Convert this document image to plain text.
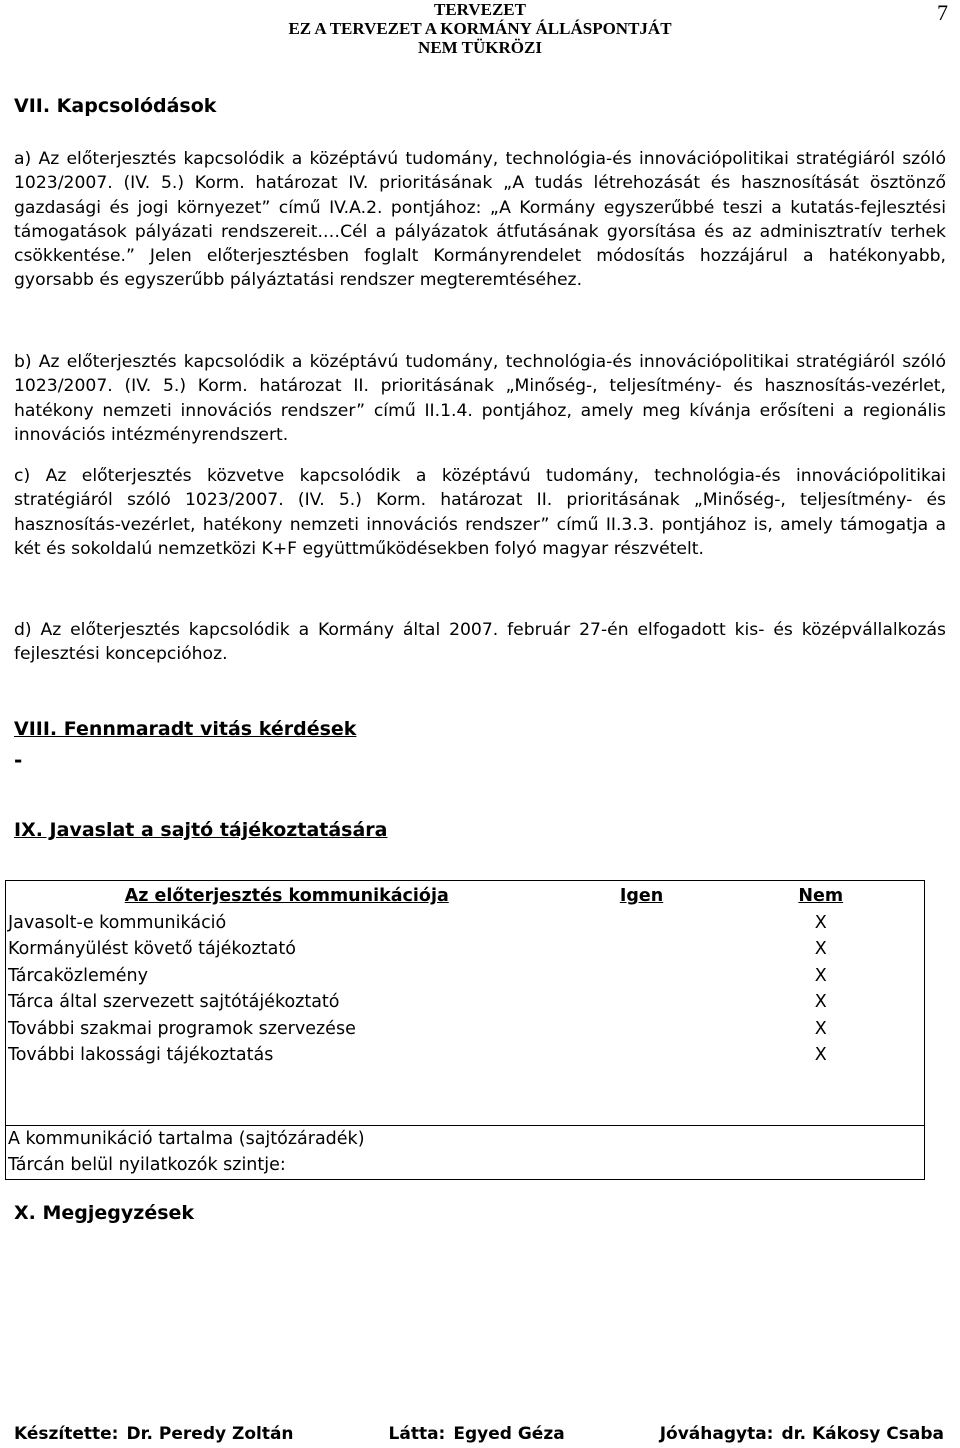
TERVEZET
EZ A TERVEZET A KORMÁNY ÁLLÁSPONTJÁT
NEM TÜKRÖZI
7
VII. Kapcsolódások

a) Az előterjesztés kapcsolódik a középtávú tudomány, technológia-és innovációpolitikai stratégiáról szóló 1023/2007. (IV. 5.) Korm. határozat IV. prioritásának „A tudás létrehozását és hasznosítását ösztönző gazdasági és jogi környezet” című IV.A.2. pontjához: „A Kormány egyszerűbbé teszi a kutatás-fejlesztési támogatások pályázati rendszereit.…Cél a pályázatok átfutásának gyorsítása és az adminisztratív terhek csökkentése.” Jelen előterjesztésben foglalt Kormányrendelet módosítás hozzájárul a hatékonyabb, gyorsabb és egyszerűbb pályáztatási rendszer megteremtéséhez.

b) Az előterjesztés kapcsolódik a középtávú tudomány, technológia-és innovációpolitikai stratégiáról szóló 1023/2007. (IV. 5.) Korm. határozat II. prioritásának „Minőség-, teljesítmény- és hasznosítás-vezérlet, hatékony nemzeti innovációs rendszer” című II.1.4. pontjához, amely meg kívánja erősíteni a regionális innovációs intézményrendszert.

c) Az előterjesztés közvetve kapcsolódik a középtávú tudomány, technológia-és innovációpolitikai stratégiáról szóló 1023/2007. (IV. 5.) Korm. határozat II. prioritásának „Minőség-, teljesítmény- és hasznosítás-vezérlet, hatékony nemzeti innovációs rendszer” című II.3.3. pontjához is, amely támogatja a két és sokoldalú nemzetközi K+F együttműködésekben folyó magyar részvételt.

d) Az előterjesztés kapcsolódik a Kormány által 2007. február 27-én elfogadott kis- és középvállalkozás fejlesztési koncepcióhoz.

VIII. Fennmaradt vitás kérdések
-
IX. Javaslat a sajtó tájékoztatására
Az előterjesztés kommunikációja	Igen	Nem
Javasolt-e kommunikáció		X
Kormányülést követő tájékoztató		X
Tárcaközlemény		X
Tárca által szervezett sajtótájékoztató		X
További szakmai programok szervezése		X
További lakossági tájékoztatás		X

A kommunikáció tartalma (sajtózáradék)		
Tárcán belül nyilatkozók szintje:		
X. Megjegyzések
Készítette: Dr. Peredy Zoltán	Látta: Egyed Géza	Jóváhagyta: dr. Kákosy Csaba
